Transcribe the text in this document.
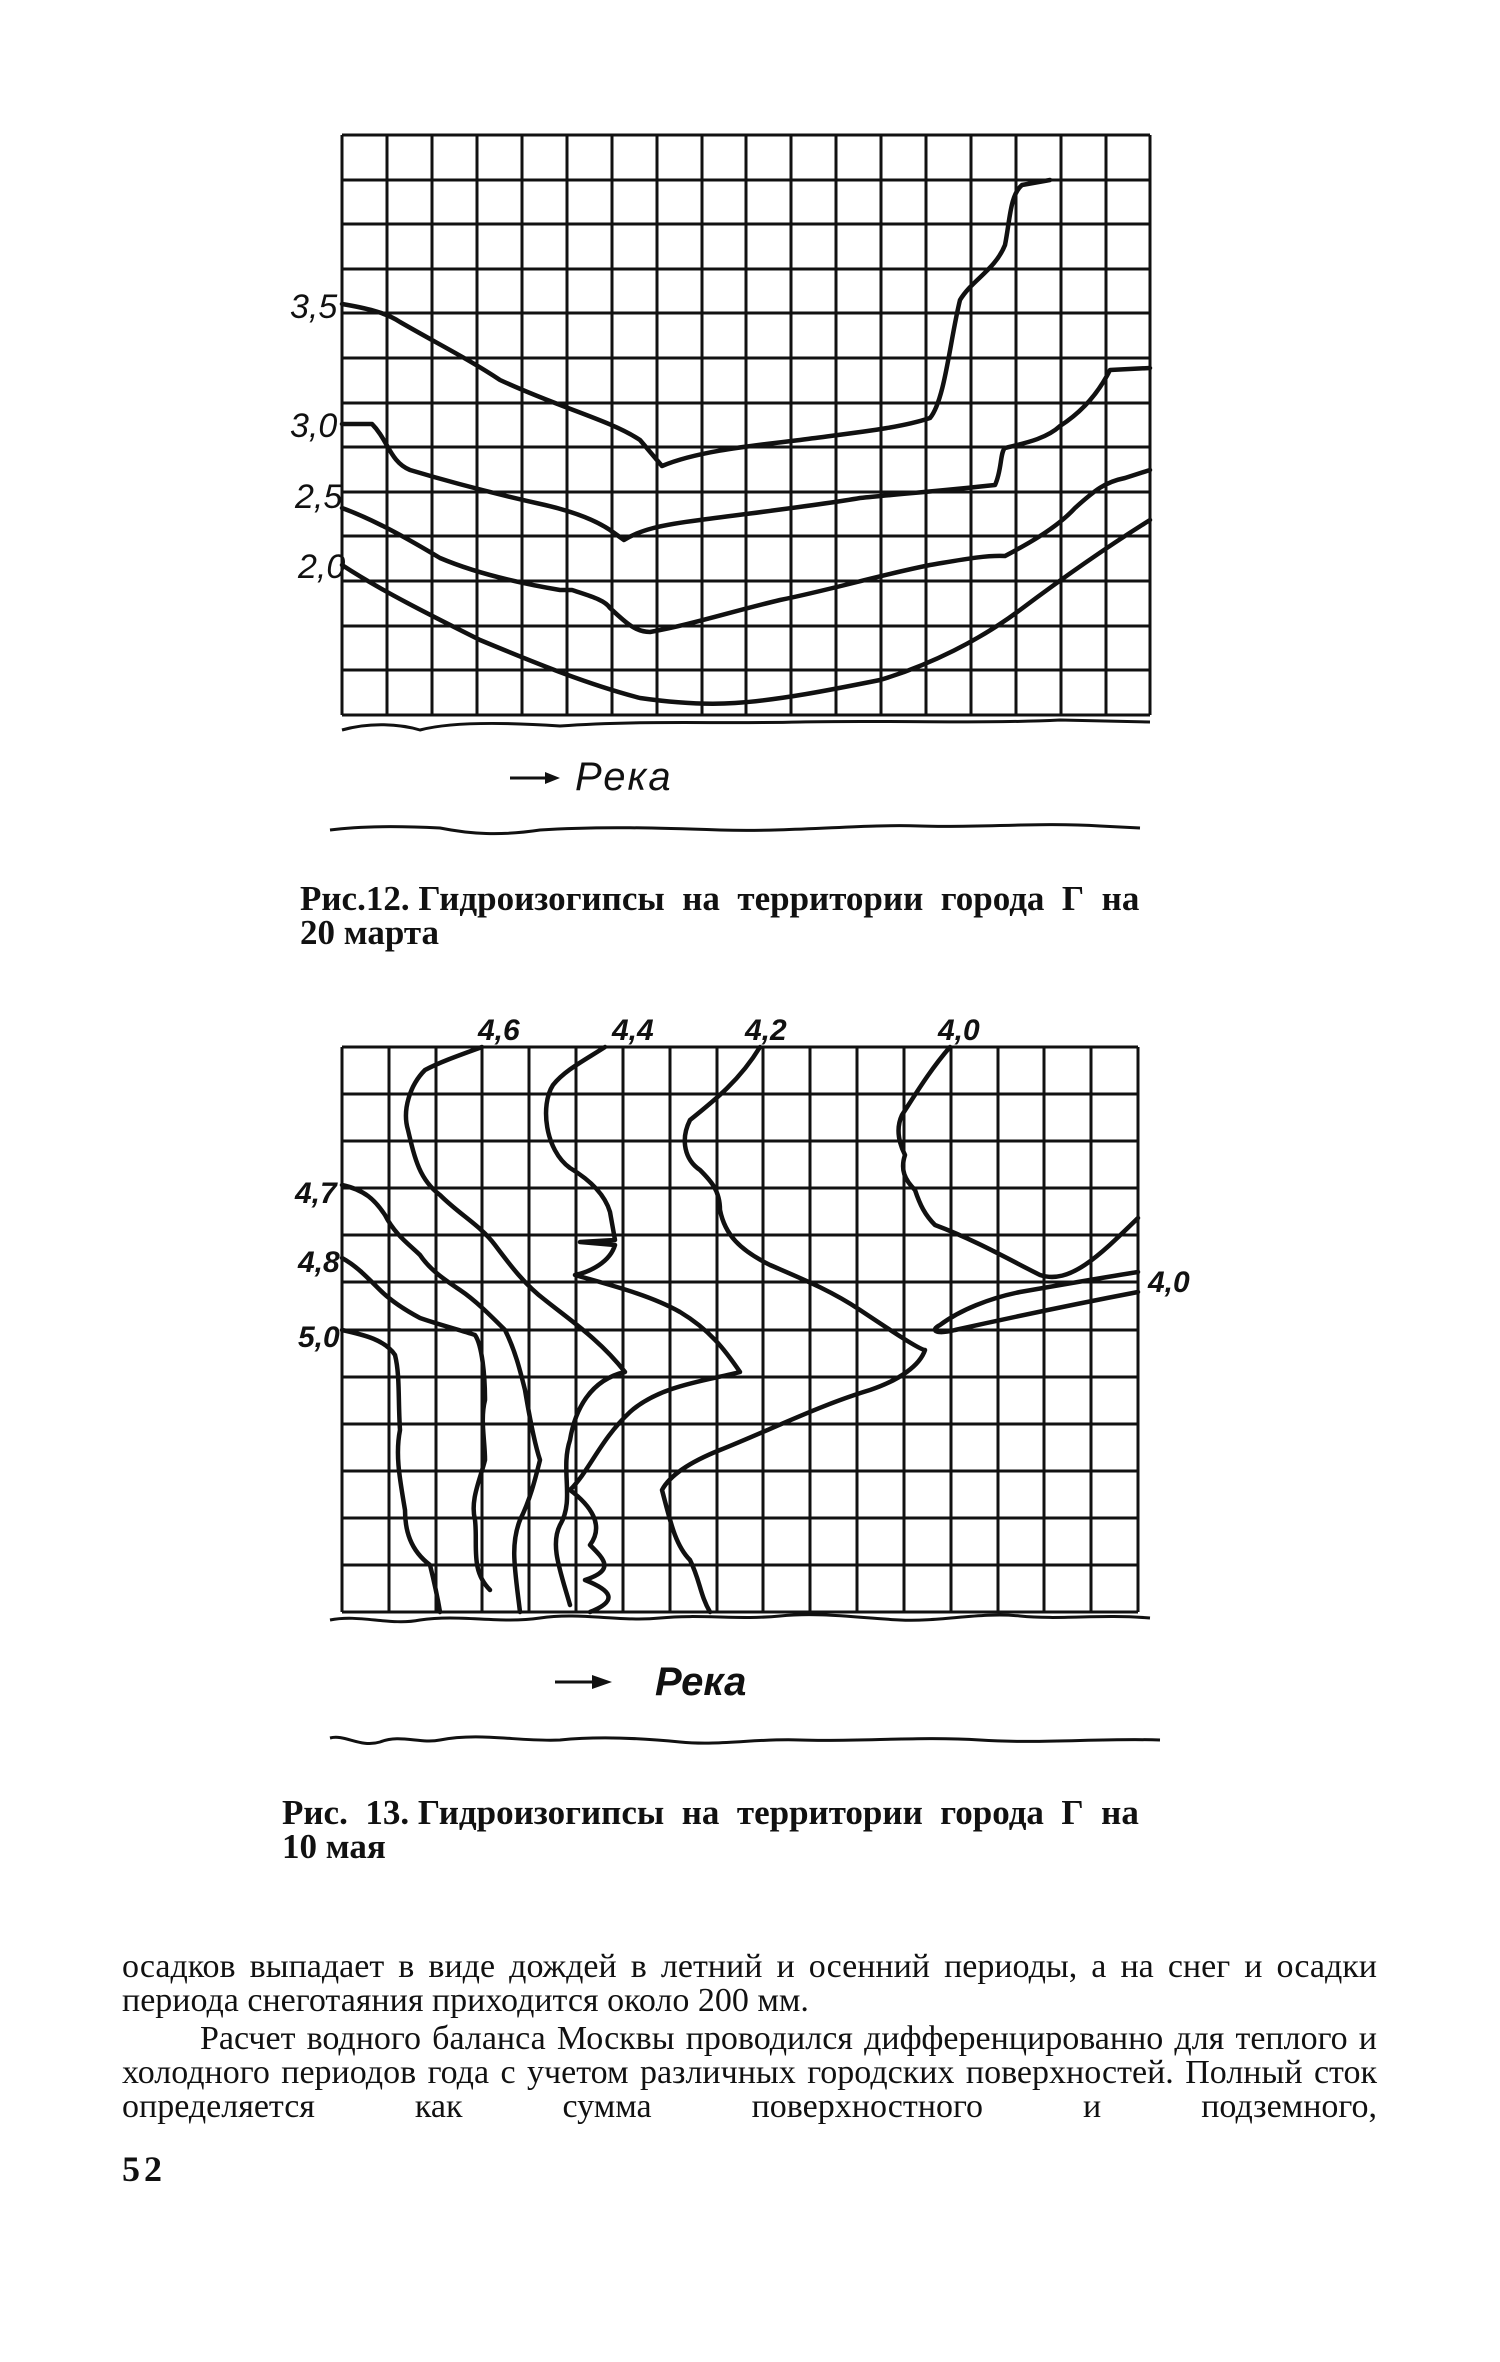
3,5
3,0
2,5
2,0
Река
Рис.12. Гидроизогипсы  на  территории  города  Г  на
20 марта
4,6	4,4	4,2	4,0
4,7
4,8
5,0
4,0
Река
Рис.  13. Гидроизогипсы  на  территории  города  Г  на
10 мая

осадков выпадает в виде дождей в летний и осенний периоды, а на снег и осадки периода снеготаяния приходится около 200 мм.

Расчет водного баланса Москвы проводился дифференцированно для теплого и холодного периодов года с учетом различных городских поверхностей. Полный сток определяется как сумма поверхностного и подземного,

52
